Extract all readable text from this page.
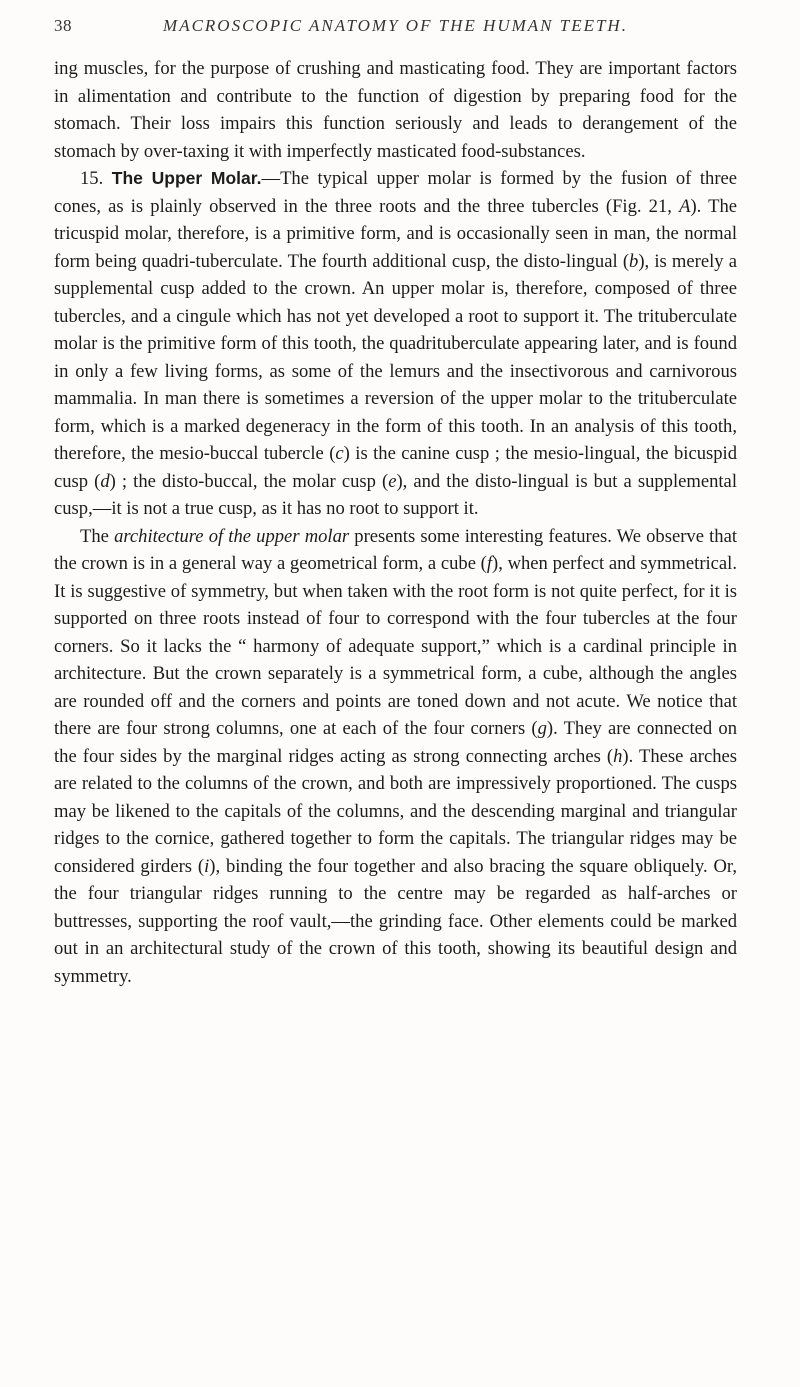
38	MACROSCOPIC ANATOMY OF THE HUMAN TEETH.

ing muscles, for the purpose of crushing and masticating food. They are important factors in alimentation and contribute to the function of digestion by preparing food for the stomach. Their loss impairs this function seriously and leads to derangement of the stomach by over-taxing it with imperfectly masticated food-substances.

15. The Upper Molar.—The typical upper molar is formed by the fusion of three cones, as is plainly observed in the three roots and the three tubercles (Fig. 21, A). The tricuspid molar, therefore, is a primitive form, and is occasionally seen in man, the normal form being quadri-tuberculate. The fourth additional cusp, the disto-lingual (b), is merely a supplemental cusp added to the crown. An upper molar is, therefore, composed of three tubercles, and a cingule which has not yet developed a root to support it. The trituberculate molar is the primitive form of this tooth, the quadrituberculate appearing later, and is found in only a few living forms, as some of the lemurs and the insectivorous and carnivorous mammalia. In man there is sometimes a reversion of the upper molar to the trituberculate form, which is a marked degeneracy in the form of this tooth. In an analysis of this tooth, therefore, the mesio-buccal tubercle (c) is the canine cusp ; the mesio-lingual, the bicuspid cusp (d) ; the disto-buccal, the molar cusp (e), and the disto-lingual is but a supplemental cusp,—it is not a true cusp, as it has no root to support it.

The architecture of the upper molar presents some interesting features. We observe that the crown is in a general way a geometrical form, a cube (f), when perfect and symmetrical. It is suggestive of symmetry, but when taken with the root form is not quite perfect, for it is supported on three roots instead of four to correspond with the four tubercles at the four corners. So it lacks the “ harmony of adequate support,” which is a cardinal principle in architecture. But the crown separately is a symmetrical form, a cube, although the angles are rounded off and the corners and points are toned down and not acute. We notice that there are four strong columns, one at each of the four corners (g). They are connected on the four sides by the marginal ridges acting as strong connecting arches (h). These arches are related to the columns of the crown, and both are impressively proportioned. The cusps may be likened to the capitals of the columns, and the descending marginal and triangular ridges to the cornice, gathered together to form the capitals. The triangular ridges may be considered girders (i), binding the four together and also bracing the square obliquely. Or, the four triangular ridges running to the centre may be regarded as half-arches or buttresses, supporting the roof vault,—the grinding face. Other elements could be marked out in an architectural study of the crown of this tooth, showing its beautiful design and symmetry.
